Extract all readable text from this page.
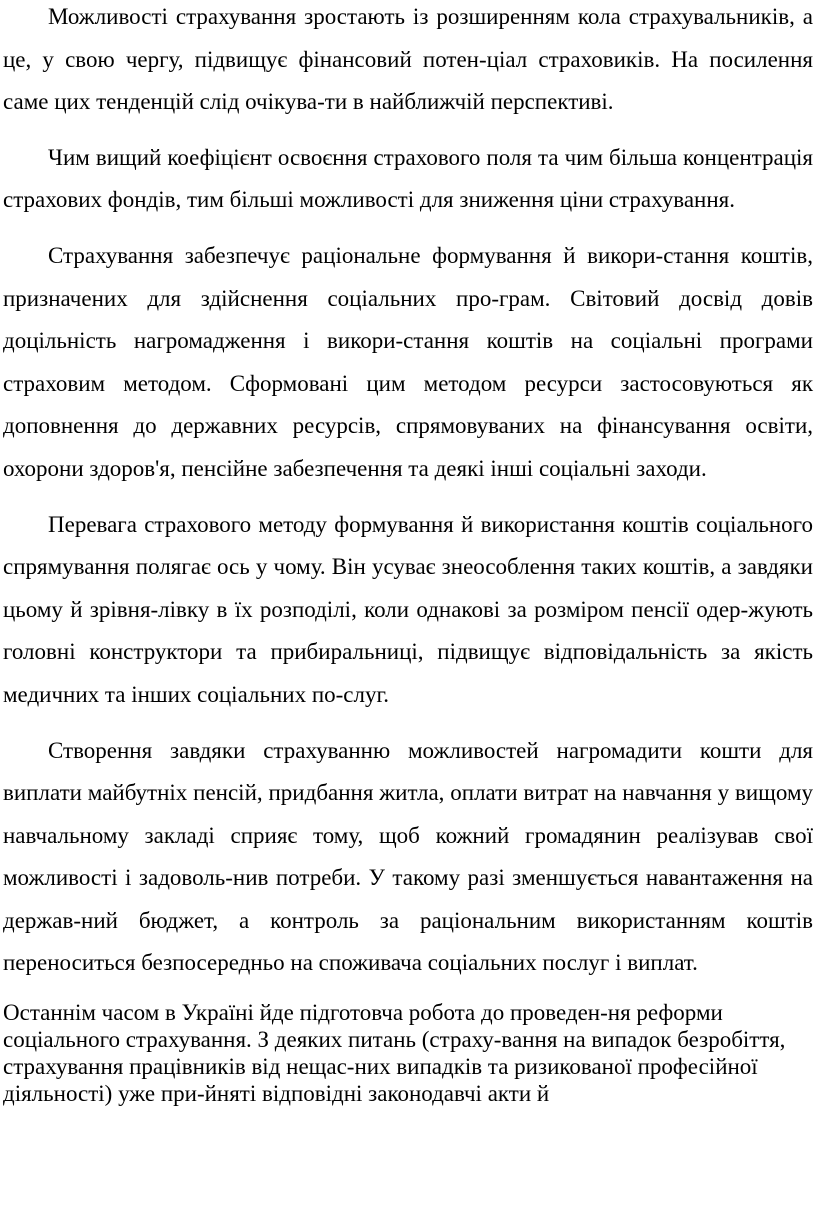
Можливості страхування зростають із розширенням кола страхувальників, а це, у свою чергу, підвищує фінансовий потен-ціал страховиків. На посилення саме цих тенденцій слід очікува-ти в найближчій перспективі.

Чим вищий коефіцієнт освоєння страхового поля та чим більша концентрація страхових фондів, тим більші можливості для зниження ціни страхування.

Страхування забезпечує раціональне формування й викори-стання коштів, призначених для здійснення соціальних про-грам. Світовий досвід довів доцільність нагромадження і викори-стання коштів на соціальні програми страховим методом. Сформовані цим методом ресурси застосовуються як доповнення до державних ресурсів, спрямовуваних на фінансування освіти, охорони здоров'я, пенсійне забезпечення та деякі інші соціальні заходи.

Перевага страхового методу формування й використання коштів соціального спрямування полягає ось у чому. Він усуває знеособлення таких коштів, а завдяки цьому й зрівня-лівку в їх розподілі, коли однакові за розміром пенсії одер-жують головні конструктори та прибиральниці, підвищує відповідальність за якість медичних та інших соціальних по-слуг.

Створення завдяки страхуванню можливостей нагромадити кошти для виплати майбутніх пенсій, придбання житла, оплати витрат на навчання у вищому навчальному закладі сприяє тому, щоб кожний громадянин реалізував свої можливості і задоволь-нив потреби. У такому разі зменшується навантаження на держав-ний бюджет, а контроль за раціональним використанням коштів переноситься безпосередньо на споживача соціальних послуг і виплат.

Останнім часом в Україні йде підготовча робота до проведен-ня реформи соціального страхування. З деяких питань (страху-вання на випадок безробіття, страхування працівників від нещас-них випадків та ризикованої професійної діяльності) уже при-йняті відповідні законодавчі акти й
